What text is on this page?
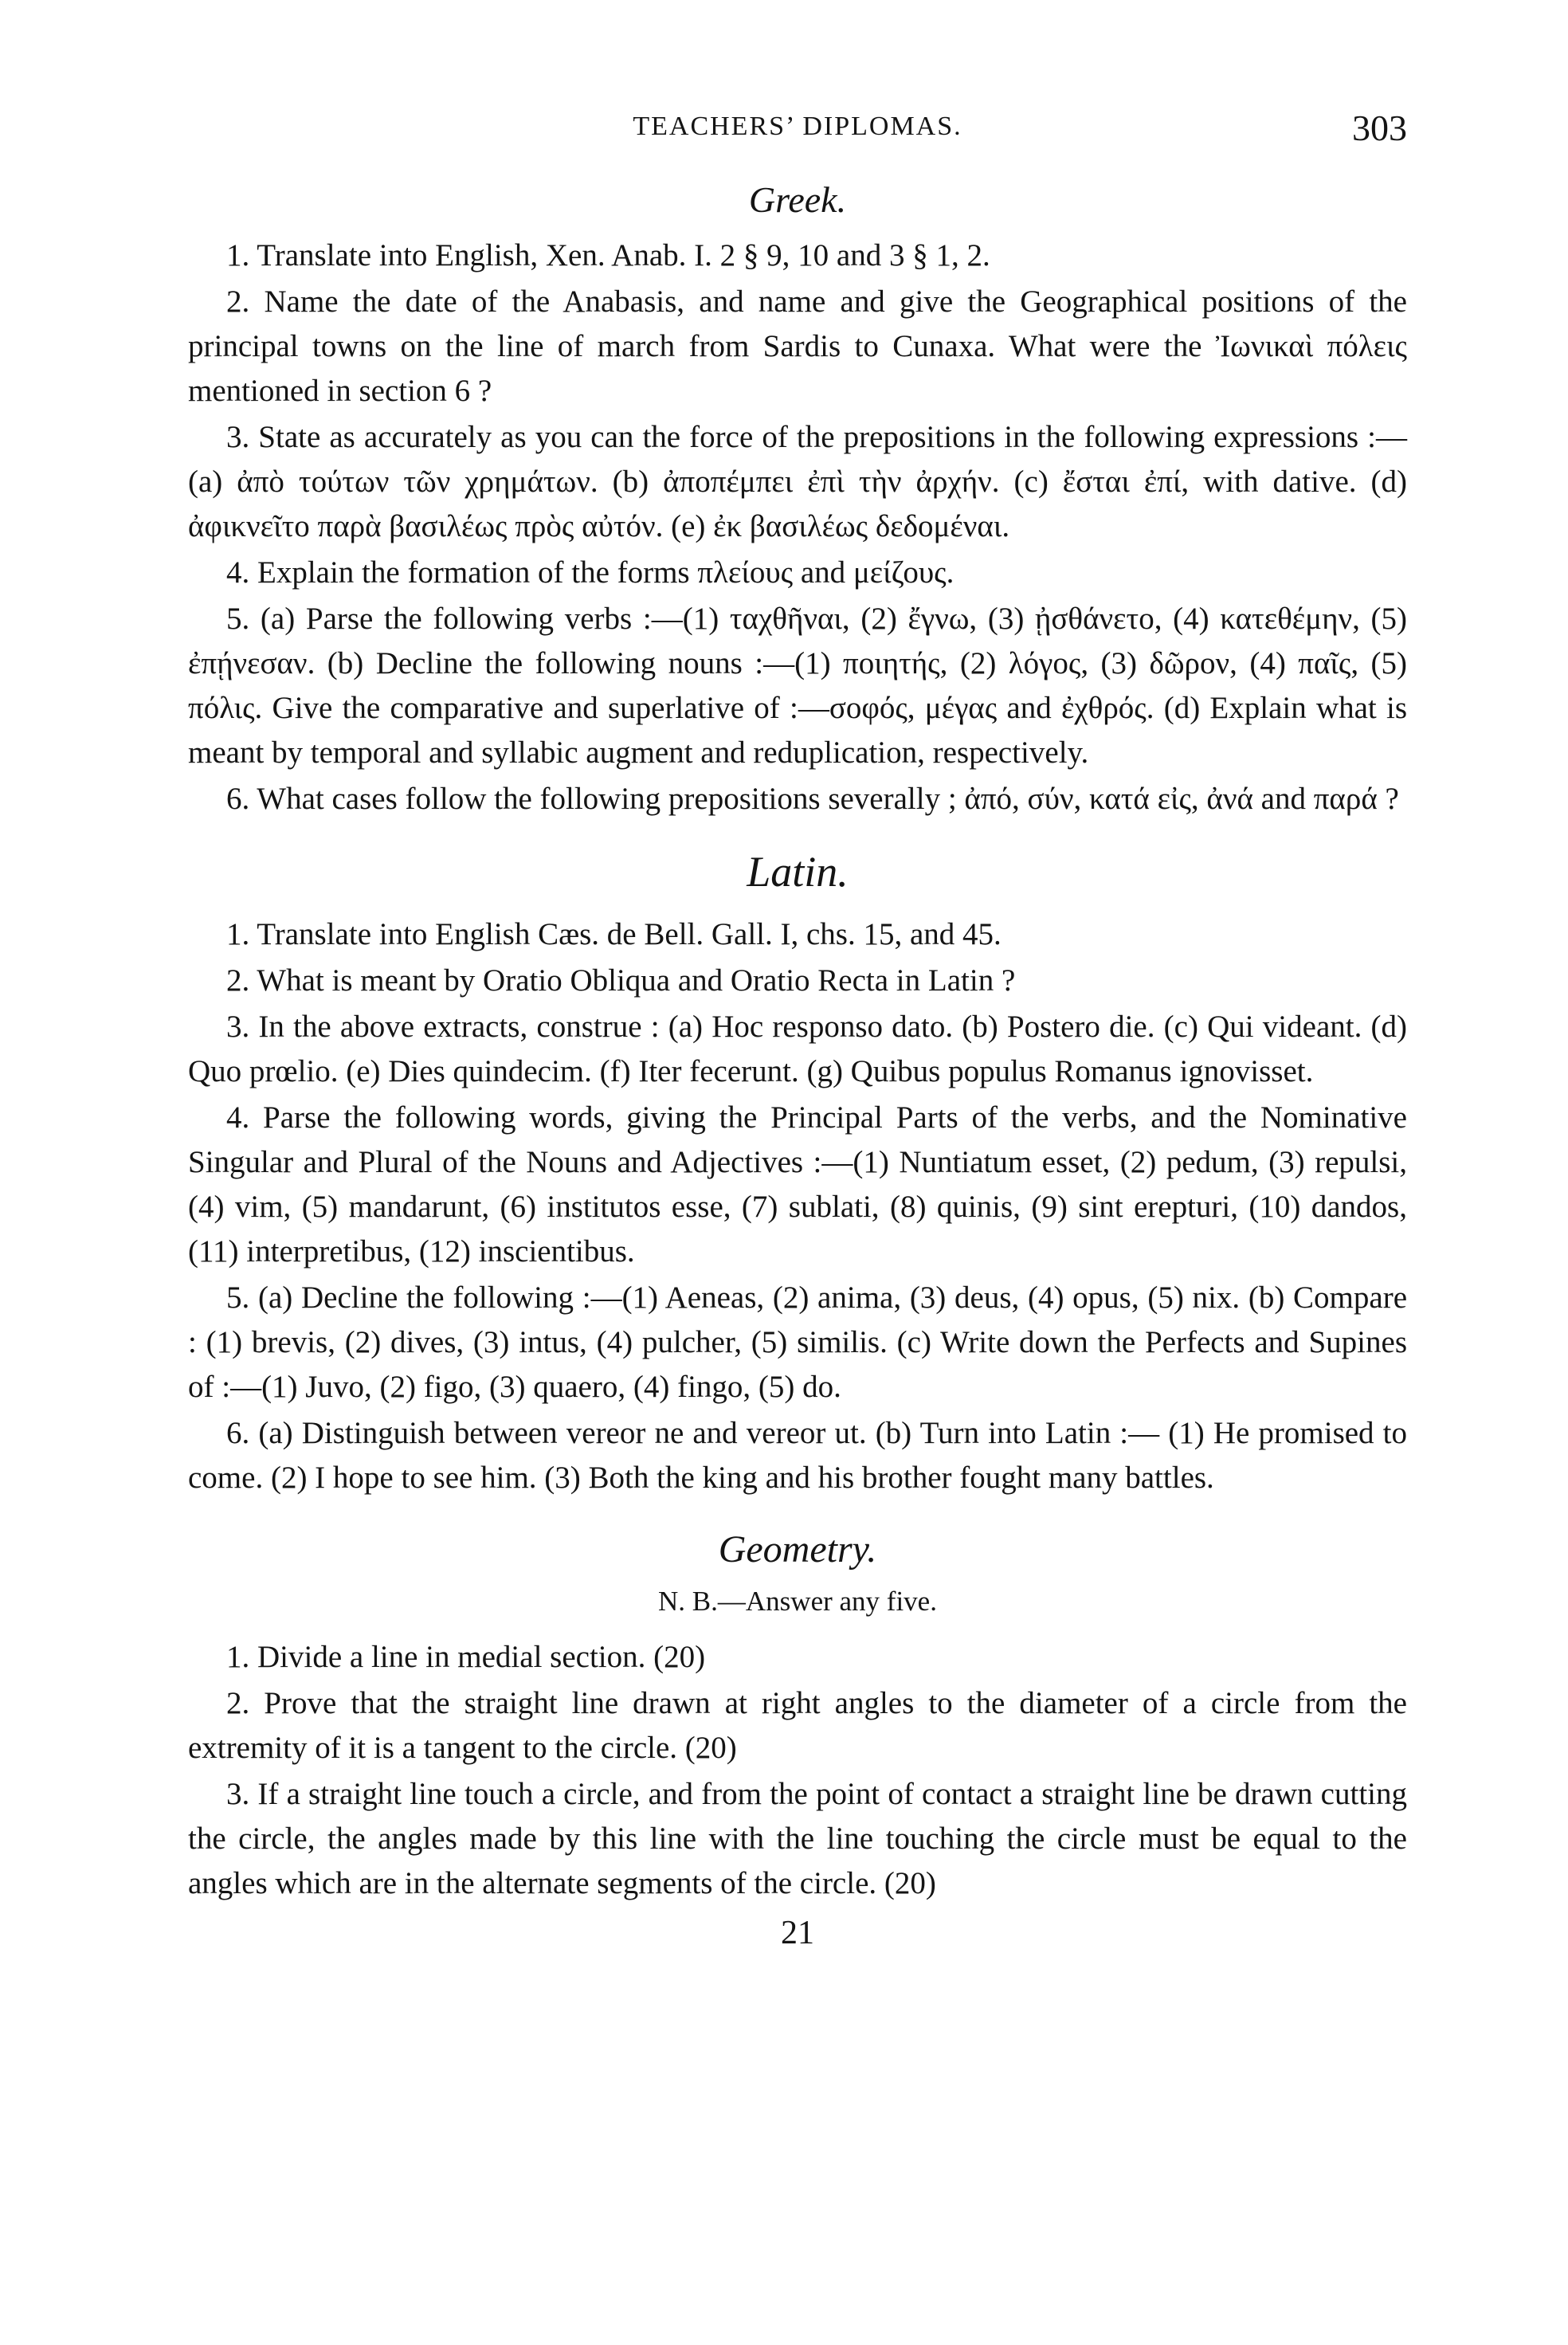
TEACHERS’ DIPLOMAS.	303
Greek.

1. Translate into English, Xen. Anab. I. 2 § 9, 10 and 3 § 1, 2.

2. Name the date of the Anabasis, and name and give the Geographical positions of the principal towns on the line of march from Sardis to Cunaxa. What were the Ἰωνικαὶ πόλεις mentioned in section 6 ?

3. State as accurately as you can the force of the prepositions in the following expressions :—(a) ἀπὸ τούτων τῶν χρημάτων. (b) ἀποπέμπει ἐπὶ τὴν ἀρχήν. (c) ἔσται ἐπί, with dative. (d) ἀφικνεῖτο παρὰ βασιλέως πρὸς αὐτόν. (e) ἐκ βασιλέως δεδομέναι.

4. Explain the formation of the forms πλείους and μείζους.

5. (a) Parse the following verbs :—(1) ταχθῆναι, (2) ἔγνω, (3) ᾐσθάνετο, (4) κατεθέμην, (5) ἐπῄνεσαν. (b) Decline the following nouns :—(1) ποιητής, (2) λόγος, (3) δῶρον, (4) παῖς, (5) πόλις. Give the comparative and superlative of :—σοφός, μέγας and ἐχθρός. (d) Explain what is meant by temporal and syllabic augment and reduplication, respectively.

6. What cases follow the following prepositions severally ; ἀπό, σύν, κατά εἰς, ἀνά and παρά ?

Latin.

1. Translate into English Cæs. de Bell. Gall. I, chs. 15, and 45.

2. What is meant by Oratio Obliqua and Oratio Recta in Latin ?

3. In the above extracts, construe : (a) Hoc responso dato. (b) Postero die. (c) Qui videant. (d) Quo prœlio. (e) Dies quindecim. (f) Iter fecerunt. (g) Quibus populus Romanus ignovisset.

4. Parse the following words, giving the Principal Parts of the verbs, and the Nominative Singular and Plural of the Nouns and Adjectives :—(1) Nuntiatum esset, (2) pedum, (3) repulsi, (4) vim, (5) mandarunt, (6) institutos esse, (7) sublati, (8) quinis, (9) sint erepturi, (10) dandos, (11) interpretibus, (12) inscientibus.

5. (a) Decline the following :—(1) Aeneas, (2) anima, (3) deus, (4) opus, (5) nix. (b) Compare : (1) brevis, (2) dives, (3) intus, (4) pulcher, (5) similis. (c) Write down the Perfects and Supines of :—(1) Juvo, (2) figo, (3) quaero, (4) fingo, (5) do.

6. (a) Distinguish between vereor ne and vereor ut. (b) Turn into Latin :— (1) He promised to come. (2) I hope to see him. (3) Both the king and his brother fought many battles.

Geometry.
N. B.—Answer any five.

1. Divide a line in medial section. (20)

2. Prove that the straight line drawn at right angles to the diameter of a circle from the extremity of it is a tangent to the circle. (20)

3. If a straight line touch a circle, and from the point of contact a straight line be drawn cutting the circle, the angles made by this line with the line touching the circle must be equal to the angles which are in the alternate segments of the circle. (20)

21
